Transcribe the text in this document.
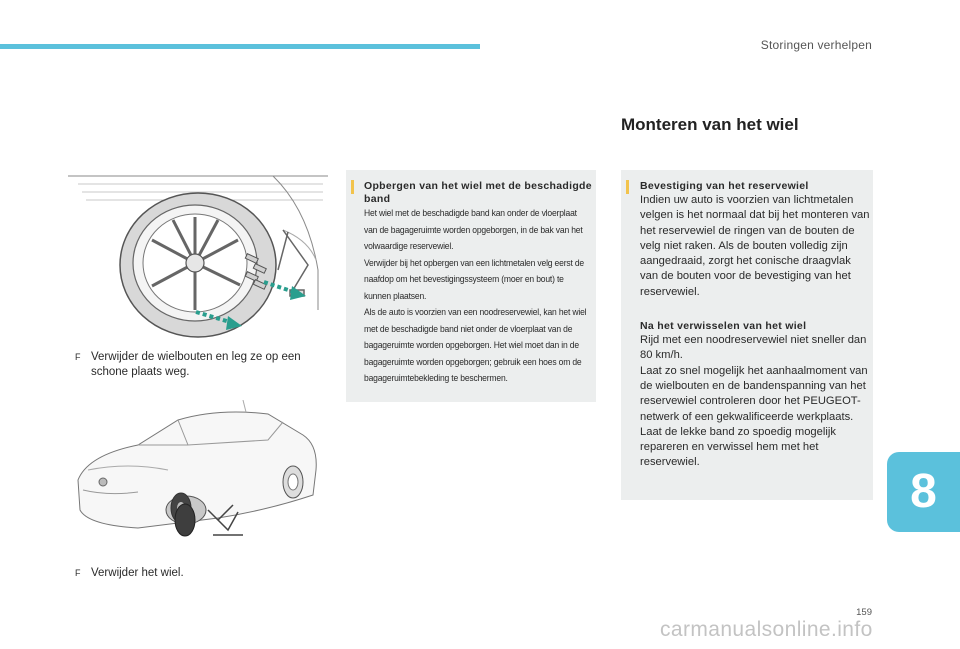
Storingen verhelpen
Monteren van het wiel
F Verwijder de wielbouten en leg ze op een schone plaats weg.
F Verwijder het wiel.
Opbergen van het wiel met de beschadigde band
Het wiel met de beschadigde band kan onder de vloerplaat van de bagageruimte worden opgeborgen, in de bak van het volwaardige reservewiel.
Verwijder bij het opbergen van een lichtmetalen velg eerst de naafdop om het bevestigingssysteem (moer en bout) te kunnen plaatsen.
Als de auto is voorzien van een noodreservewiel, kan het wiel met de beschadigde band niet onder de vloerplaat van de bagageruimte worden opgeborgen. Het wiel moet dan in de bagageruimte worden opgeborgen; gebruik een hoes om de bagageruimtebekleding te beschermen.
Bevestiging van het reservewiel
Indien uw auto is voorzien van lichtmetalen velgen is het normaal dat bij het monteren van het reservewiel de ringen van de bouten de velg niet raken. Als de bouten volledig zijn aangedraaid, zorgt het conische draagvlak van de bouten voor de bevestiging van het reservewiel.
Na het verwisselen van het wiel
Rijd met een noodreservewiel niet sneller dan 80 km/h.
Laat zo snel mogelijk het aanhaalmoment van de wielbouten en de bandenspanning van het reservewiel controleren door het PEUGEOT-netwerk of een gekwalificeerde werkplaats.
Laat de lekke band zo spoedig mogelijk repareren en verwissel hem met het reservewiel.
8
159
carmanualsonline.info
